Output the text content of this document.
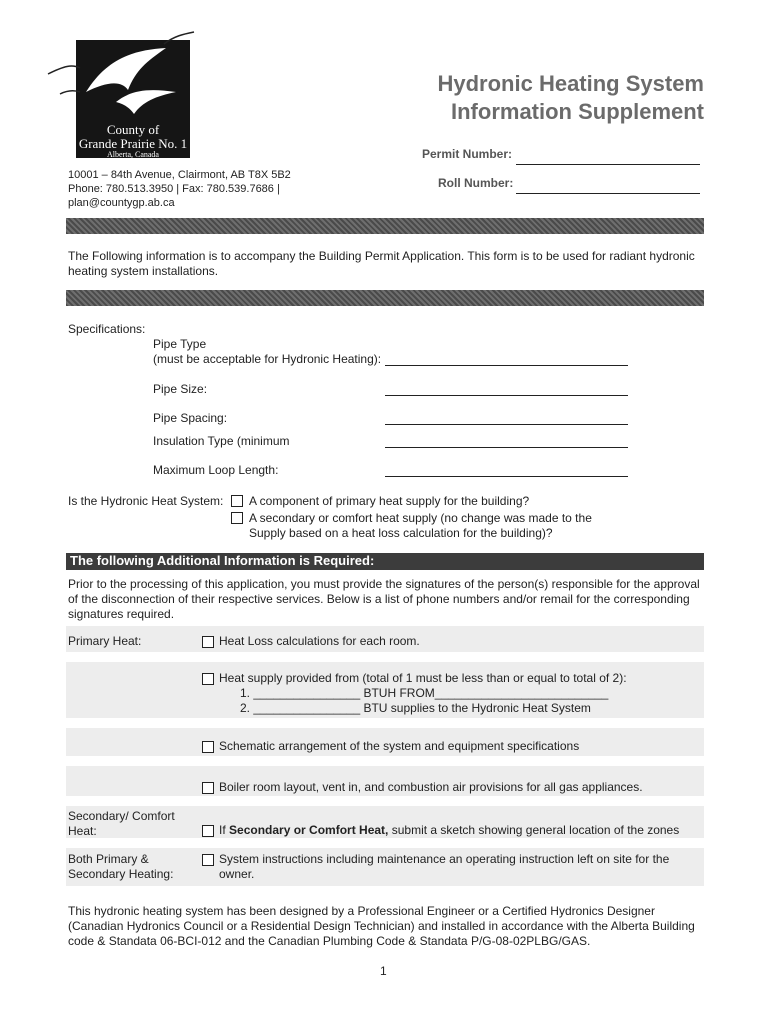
County of
Grande Prairie No. 1
Alberta, Canada
Hydronic Heating System
Information Supplement
Permit Number:
Roll Number:
10001 – 84th Avenue, Clairmont, AB T8X 5B2
Phone: 780.513.3950 | Fax: 780.539.7686 |
plan@countygp.ab.ca
The Following information is to accompany the Building Permit Application. This form is to be used for radiant hydronic heating system installations.
Specifications:
Pipe Type
(must be acceptable for Hydronic Heating):
Pipe Size:
Pipe Spacing:
Insulation Type (minimum
Maximum Loop Length:
Is the Hydronic Heat System: A component of primary heat supply for the building?
A secondary or comfort heat supply (no change was made to the
Supply based on a heat loss calculation for the building)?
The following Additional Information is Required:
Prior to the processing of this application, you must provide the signatures of the person(s) responsible for the approval of the disconnection of their respective services. Below is a list of phone numbers and/or remail for the corresponding signatures required.
Primary Heat:	Heat Loss calculations for each room.
Heat supply provided from (total of 1 must be less than or equal to total of 2):
1. ________________ BTUH FROM__________________________
2. ________________ BTU supplies to the Hydronic Heat System
Schematic arrangement of the system and equipment specifications
Boiler room layout, vent in, and combustion air provisions for all gas appliances.
Secondary/ Comfort
Heat:	If Secondary or Comfort Heat, submit a sketch showing general location of the zones
Both Primary &
Secondary Heating:
System instructions including maintenance an operating instruction left on site for the
owner.
This hydronic heating system has been designed by a Professional Engineer or a Certified Hydronics Designer (Canadian Hydronics Council or a Residential Design Technician) and installed in accordance with the Alberta Building code & Standata 06-BCI-012 and the Canadian Plumbing Code & Standata P/G-08-02PLBG/GAS.
1
